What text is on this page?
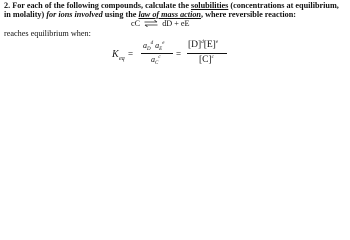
2. For each of the following compounds, calculate the solubilities (concentrations at equilibrium,
in molality) for ions involved using the law of mass action, where reversible reaction:
cC ⇌ dD + eE
reaches equilibrium when:
K eq =
$a_D^d$ $a_E^e$
$a_C^c$ =
$[D]^d[E]^e$
$[C]^c$
